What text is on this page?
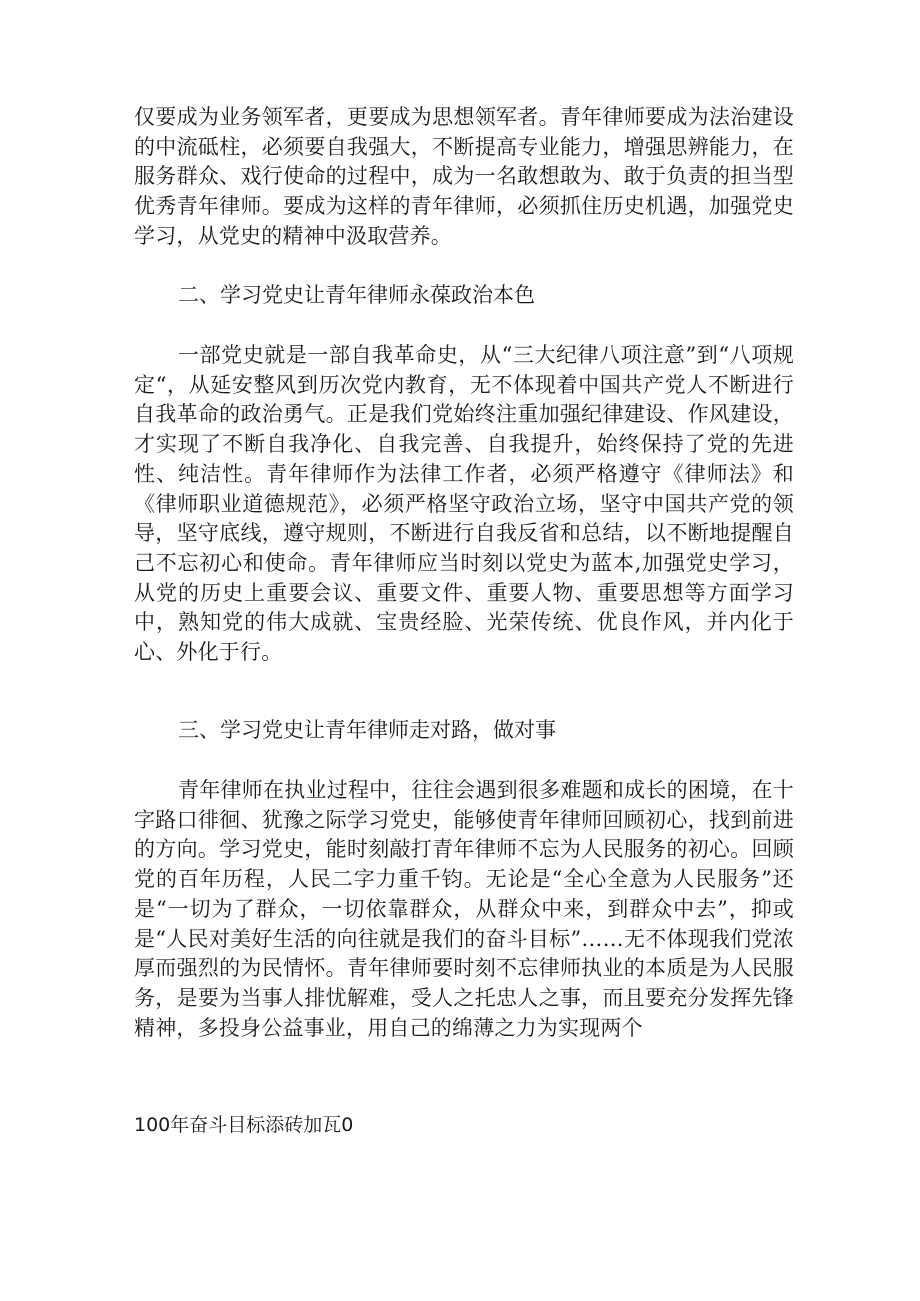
仅要成为业务领军者，更要成为思想领军者。青年律师要成为法治建设的中流砥柱，必须要自我强大，不断提高专业能力，增强思辨能力，在服务群众、戏行使命的过程中，成为一名敢想敢为、敢于负责的担当型优秀青年律师。要成为这样的青年律师，必须抓住历史机遇，加强党史学习，从党史的精神中汲取营养。

二、学习党史让青年律师永葆政治本色

一部党史就是一部自我革命史，从“三大纪律八项注意”到“八项规定“，从延安整风到历次党内教育，无不体现着中国共产党人不断进行自我革命的政治勇气。正是我们党始终注重加强纪律建设、作风建设，才实现了不断自我净化、自我完善、自我提升，始终保持了党的先进性、纯洁性。青年律师作为法律工作者，必须严格遵守《律师法》和《律师职业道德规范》，必须严格坚守政治立场，坚守中国共产党的领导，坚守底线，遵守规则，不断进行自我反省和总结，以不断地提醒自己不忘初心和使命。青年律师应当时刻以党史为蓝本,加强党史学习，从党的历史上重要会议、重要文件、重要人物、重要思想等方面学习中，熟知党的伟大成就、宝贵经脸、光荣传统、优良作风，并内化于心、外化于行。

三、学习党史让青年律师走对路，做对事

青年律师在执业过程中，往往会遇到很多难题和成长的困境，在十字路口徘徊、犹豫之际学习党史，能够使青年律师回顾初心，找到前进的方向。学习党史，能时刻敲打青年律师不忘为人民服务的初心。回顾党的百年历程，人民二字力重千钧。无论是“全心全意为人民服务”还是“一切为了群众，一切依靠群众，从群众中来，到群众中去”，抑或是“人民对美好生活的向往就是我们的奋斗目标”……无不体现我们党浓厚而强烈的为民情怀。青年律师要时刻不忘律师执业的本质是为人民服务，是要为当事人排忧解难，受人之托忠人之事，而且要充分发挥先锋精神，多投身公益事业，用自己的绵薄之力为实现两个

100年奋斗目标添砖加瓦0
